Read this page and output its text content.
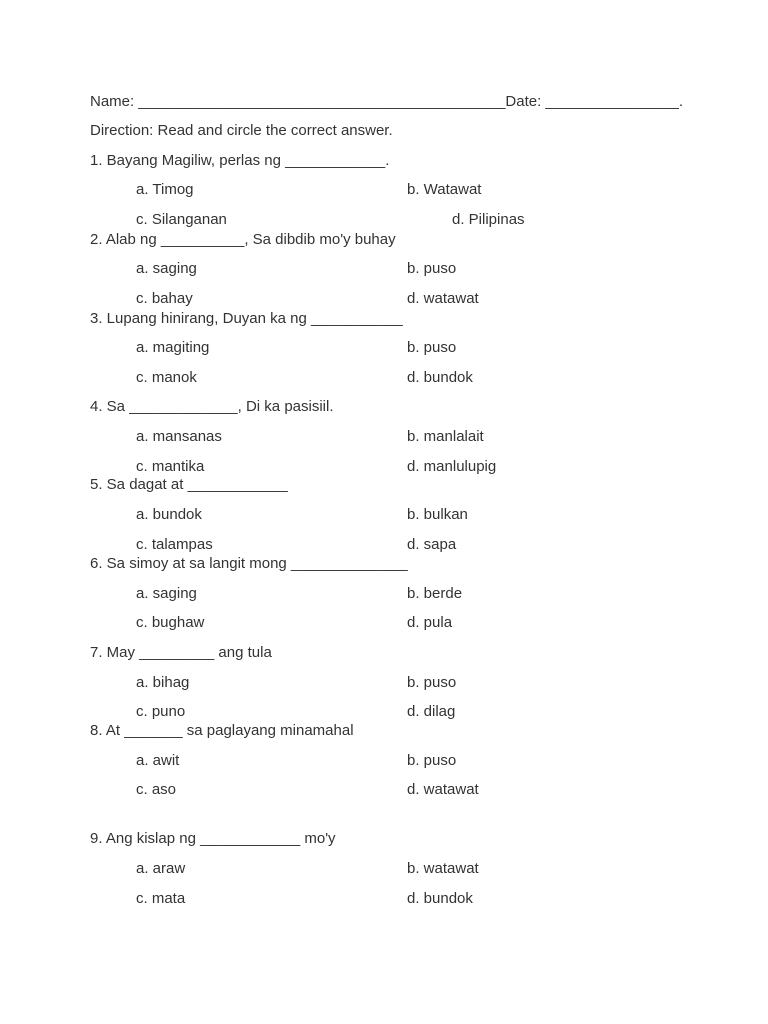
Name: ____________________________________________Date: ________________.
Direction: Read and circle the correct answer.
1. Bayang Magiliw, perlas ng ____________.
a. Timog	b. Watawat
c. Silanganan	d. Pilipinas
2. Alab ng __________, Sa dibdib mo'y buhay
a. saging	b. puso
c. bahay	d. watawat
3. Lupang hinirang, Duyan ka ng ___________
a. magiting	b. puso
c. manok	d. bundok
4. Sa _____________, Di ka pasisiil.
a. mansanas	b. manlalait
c. mantika	d. manlulupig
5. Sa dagat at ____________
a. bundok	b. bulkan
c. talampas	d. sapa
6. Sa simoy at sa langit mong ______________
a. saging	b. berde
c. bughaw	d. pula
7. May _________ ang tula
a. bihag	b. puso
c. puno	d. dilag
8. At _______ sa paglayang minamahal
a. awit	b. puso
c. aso	d. watawat
9. Ang kislap ng ____________ mo'y
a. araw	b. watawat
c. mata	d. bundok
